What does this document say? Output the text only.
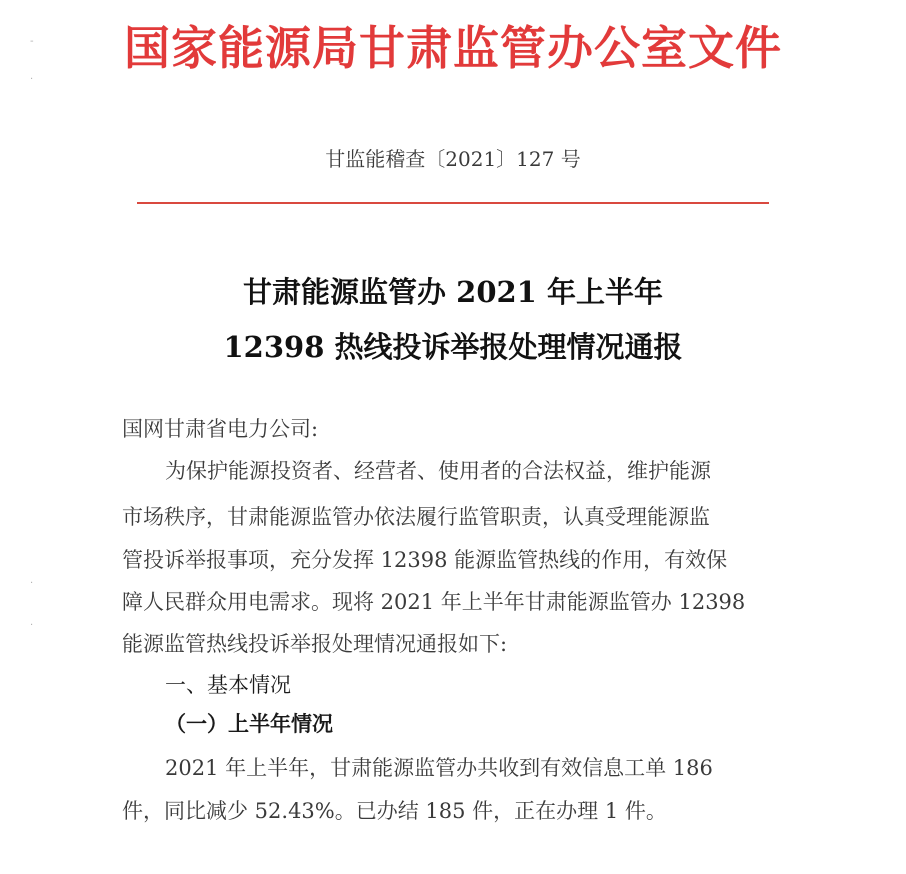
-
·
·
·
国家能源局甘肃监管办公室文件
甘监能稽查〔2021〕127 号
甘肃能源监管办 2021 年上半年
12398 热线投诉举报处理情况通报
国网甘肃省电力公司:
为保护能源投资者、经营者、使用者的合法权益，维护能源
市场秩序，甘肃能源监管办依法履行监管职责，认真受理能源监
管投诉举报事项，充分发挥 12398 能源监管热线的作用，有效保
障人民群众用电需求。现将 2021 年上半年甘肃能源监管办 12398
能源监管热线投诉举报处理情况通报如下:
一、基本情况
（一）上半年情况
2021 年上半年，甘肃能源监管办共收到有效信息工单 186
件，同比减少 52.43%。已办结 185 件，正在办理 1 件。
